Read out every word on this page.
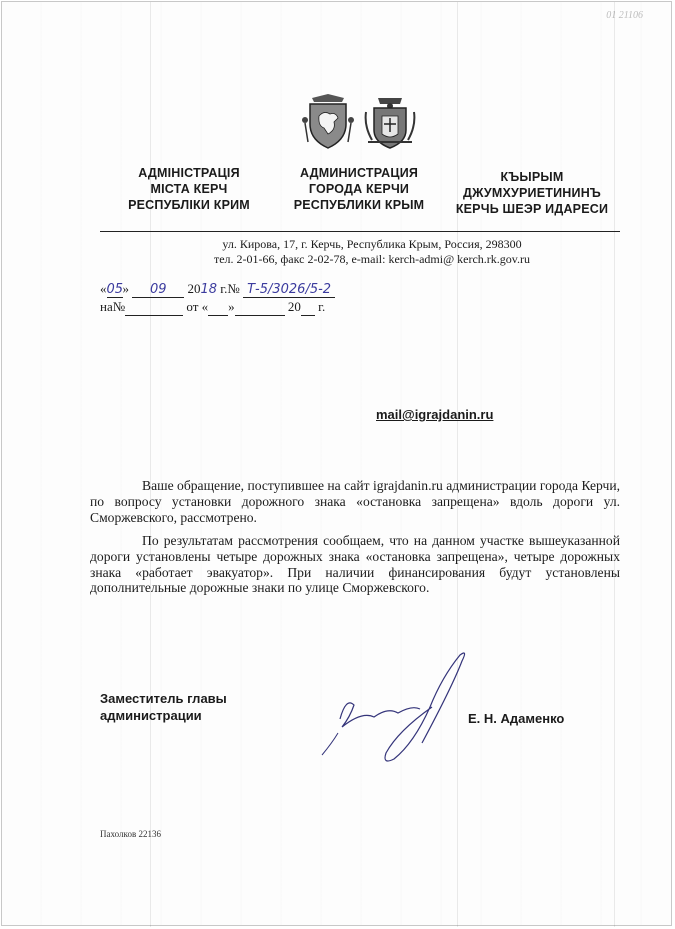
01 21106
АДМІНІСТРАЦІЯ
МІСТА КЕРЧ
РЕСПУБЛІКИ КРИМ
АДМИНИСТРАЦИЯ
ГОРОДА КЕРЧИ
РЕСПУБЛИКИ КРЫМ
КЪЫРЫМ
ДЖУМХУРИЕТИНИНЪ
КЕРЧЬ ШЕЭР ИДАРЕСИ
ул. Кирова, 17, г. Керчь, Республика Крым, Россия, 298300
тел. 2-01-66, факс 2-02-78, e-mail: kerch-admi@ kerch.rk.gov.ru
«05» 09 2018 г.№ Т-5/3026/5-2
на№	от « »	20 г.
mail@igrajdanin.ru
Ваше обращение, поступившее на сайт igrajdanin.ru администрации города Керчи, по вопросу установки дорожного знака «остановка запрещена» вдоль дороги ул. Сморжевского, рассмотрено.
По результатам рассмотрения сообщаем, что на данном участке вышеуказанной дороги установлены четыре дорожных знака «остановка запрещена», четыре дорожных знака «работает эвакуатор». При наличии финансирования будут установлены дополнительные дорожные знаки по улице Сморжевского.
Заместитель главы
администрации	Е. Н. Адаменко
Пахолков 22136
